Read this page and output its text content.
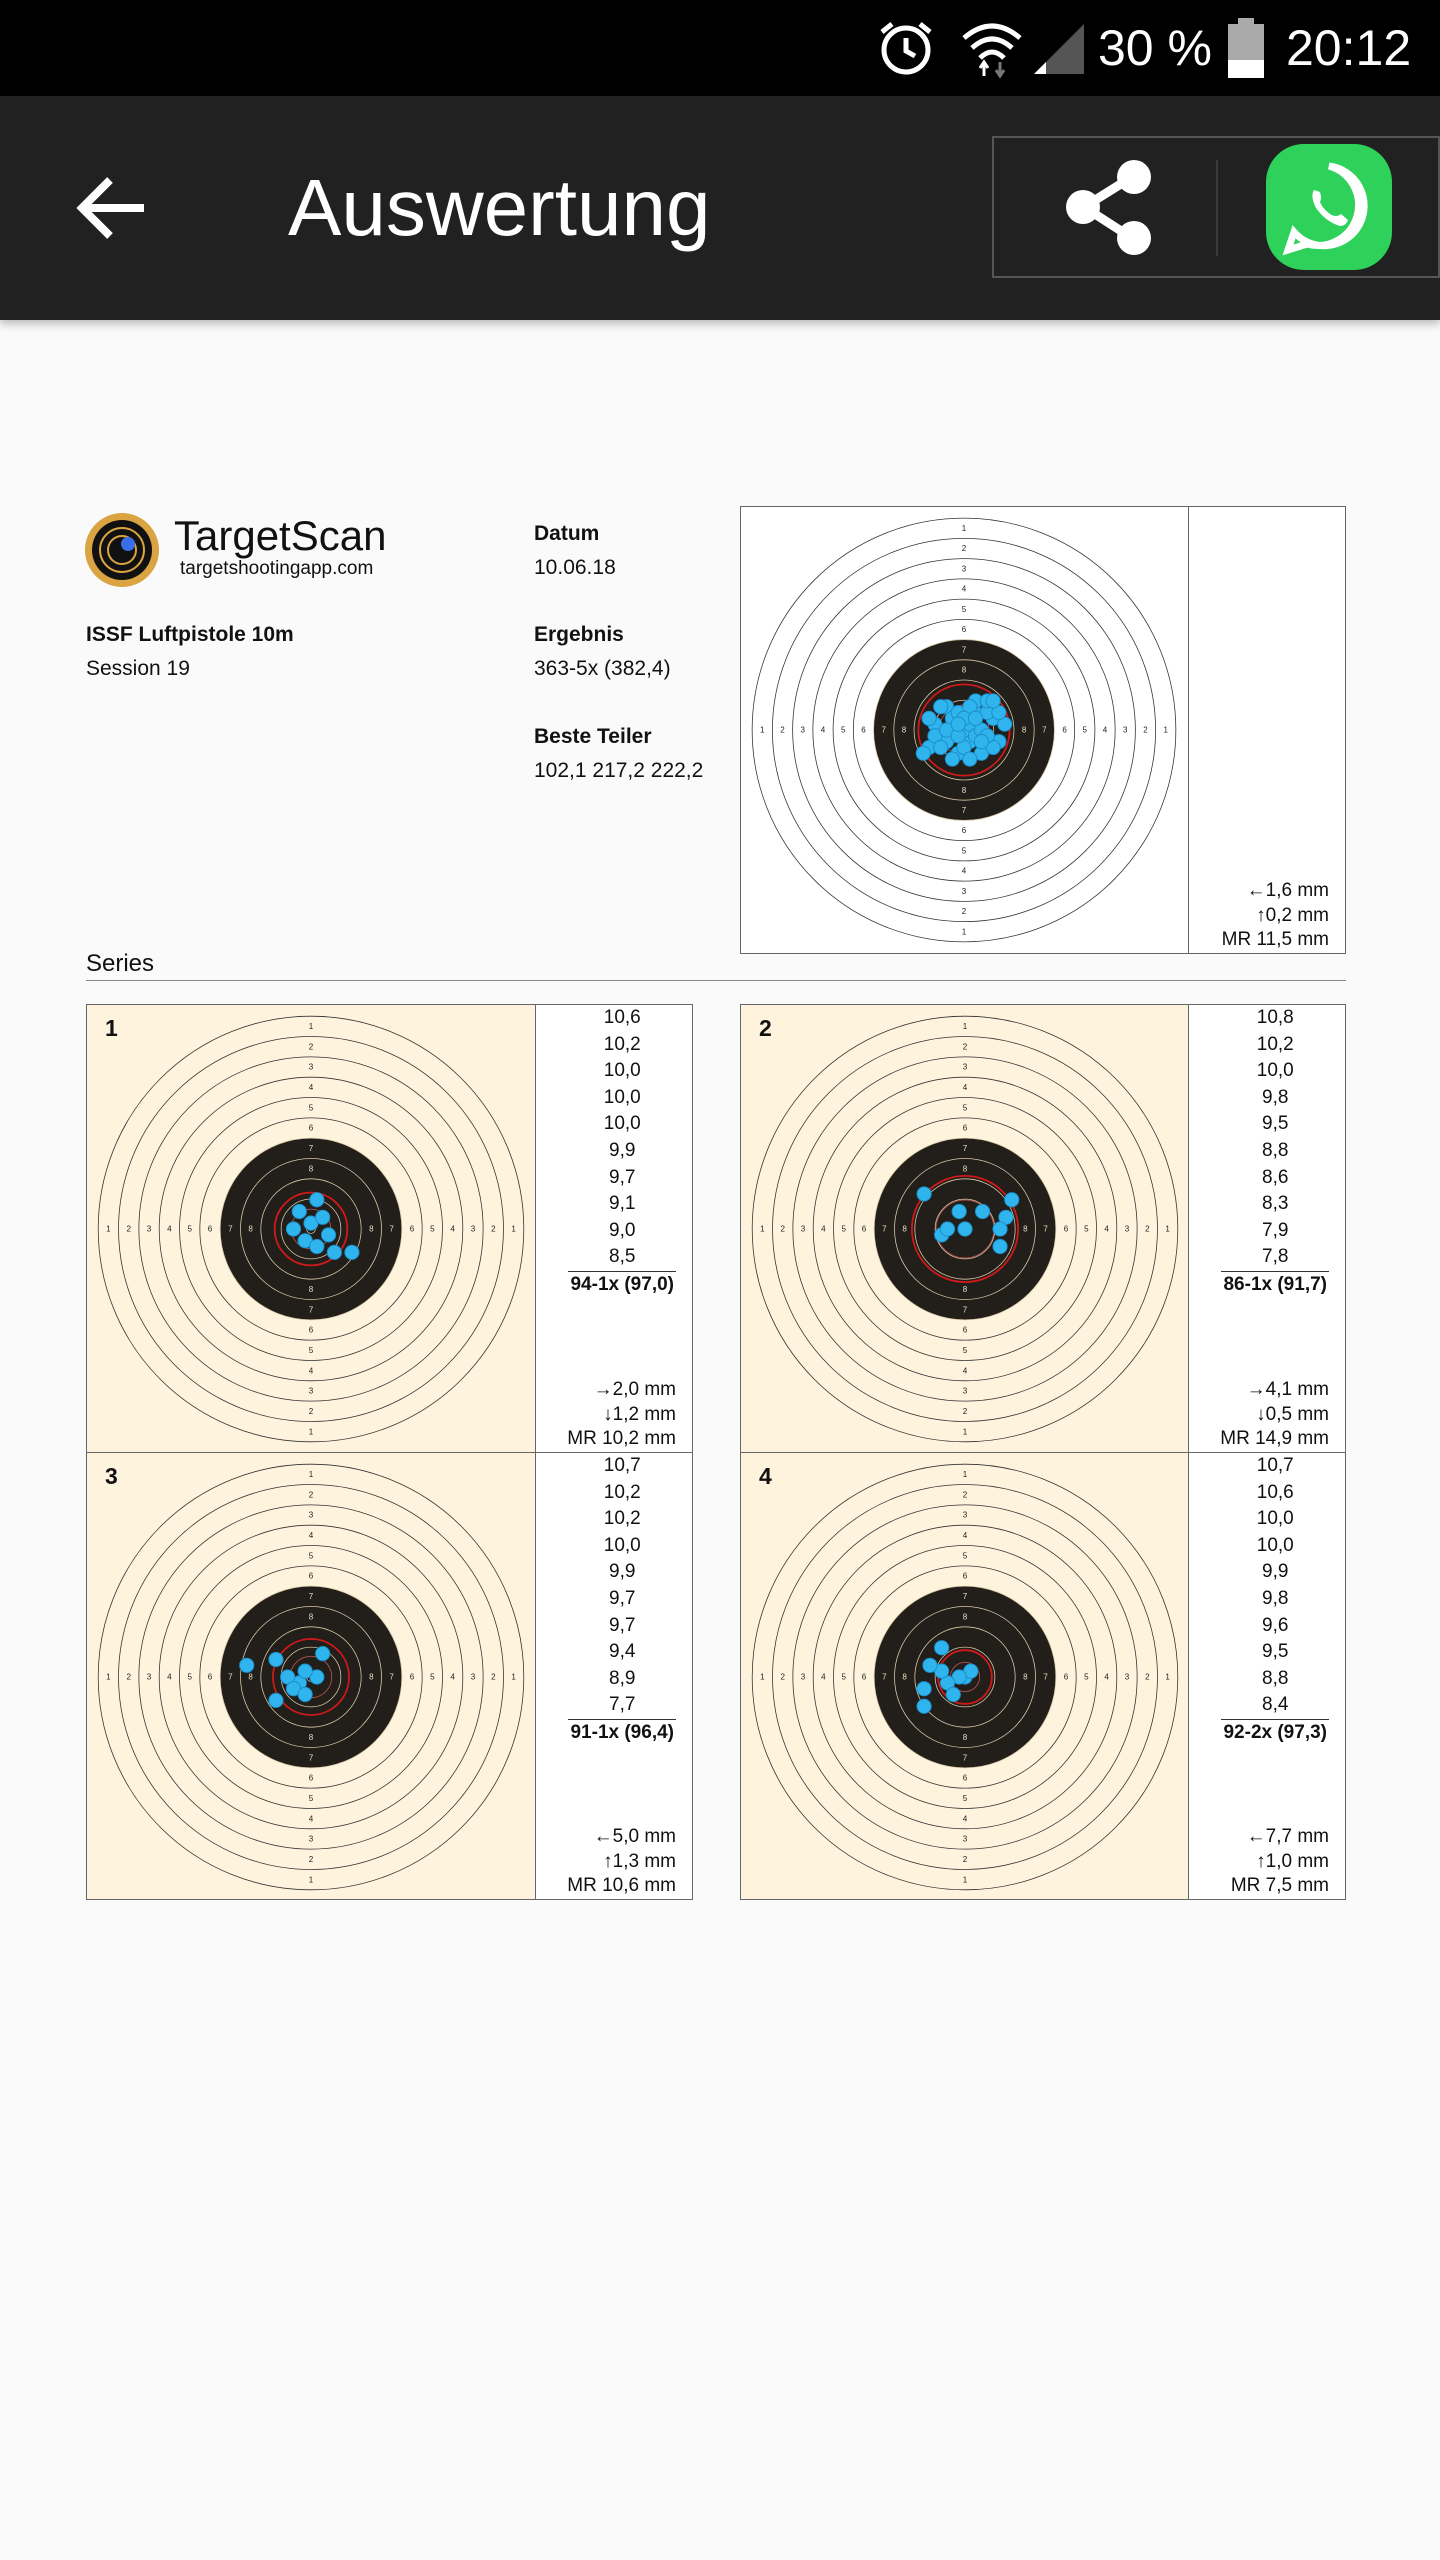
30 % 20:12
Auswertung
TargetScan
targetshootingapp.com
ISSF Luftpistole 10m
Session 19
Datum
10.06.18
Ergebnis
363-5x (382,4)
Beste Teiler
102,1 217,2 222,2
←1,6 mm
↑0,2 mm
MR 11,5 mm
Series
1	10,6
10,2
10,0
10,0
10,0
9,9
9,7
9,1
9,0
8,5
94-1x (97,0)
→2,0 mm
↓1,2 mm
MR 10,2 mm
2	10,8
10,2
10,0
9,8
9,5
8,8
8,6
8,3
7,9
7,8
86-1x (91,7)
→4,1 mm
↓0,5 mm
MR 14,9 mm
3	10,7
10,2
10,2
10,0
9,9
9,7
9,7
9,4
8,9
7,7
91-1x (96,4)
←5,0 mm
↑1,3 mm
MR 10,6 mm
4	10,7
10,6
10,0
10,0
9,9
9,8
9,6
9,5
8,8
8,4
92-2x (97,3)
←7,7 mm
↑1,0 mm
MR 7,5 mm
